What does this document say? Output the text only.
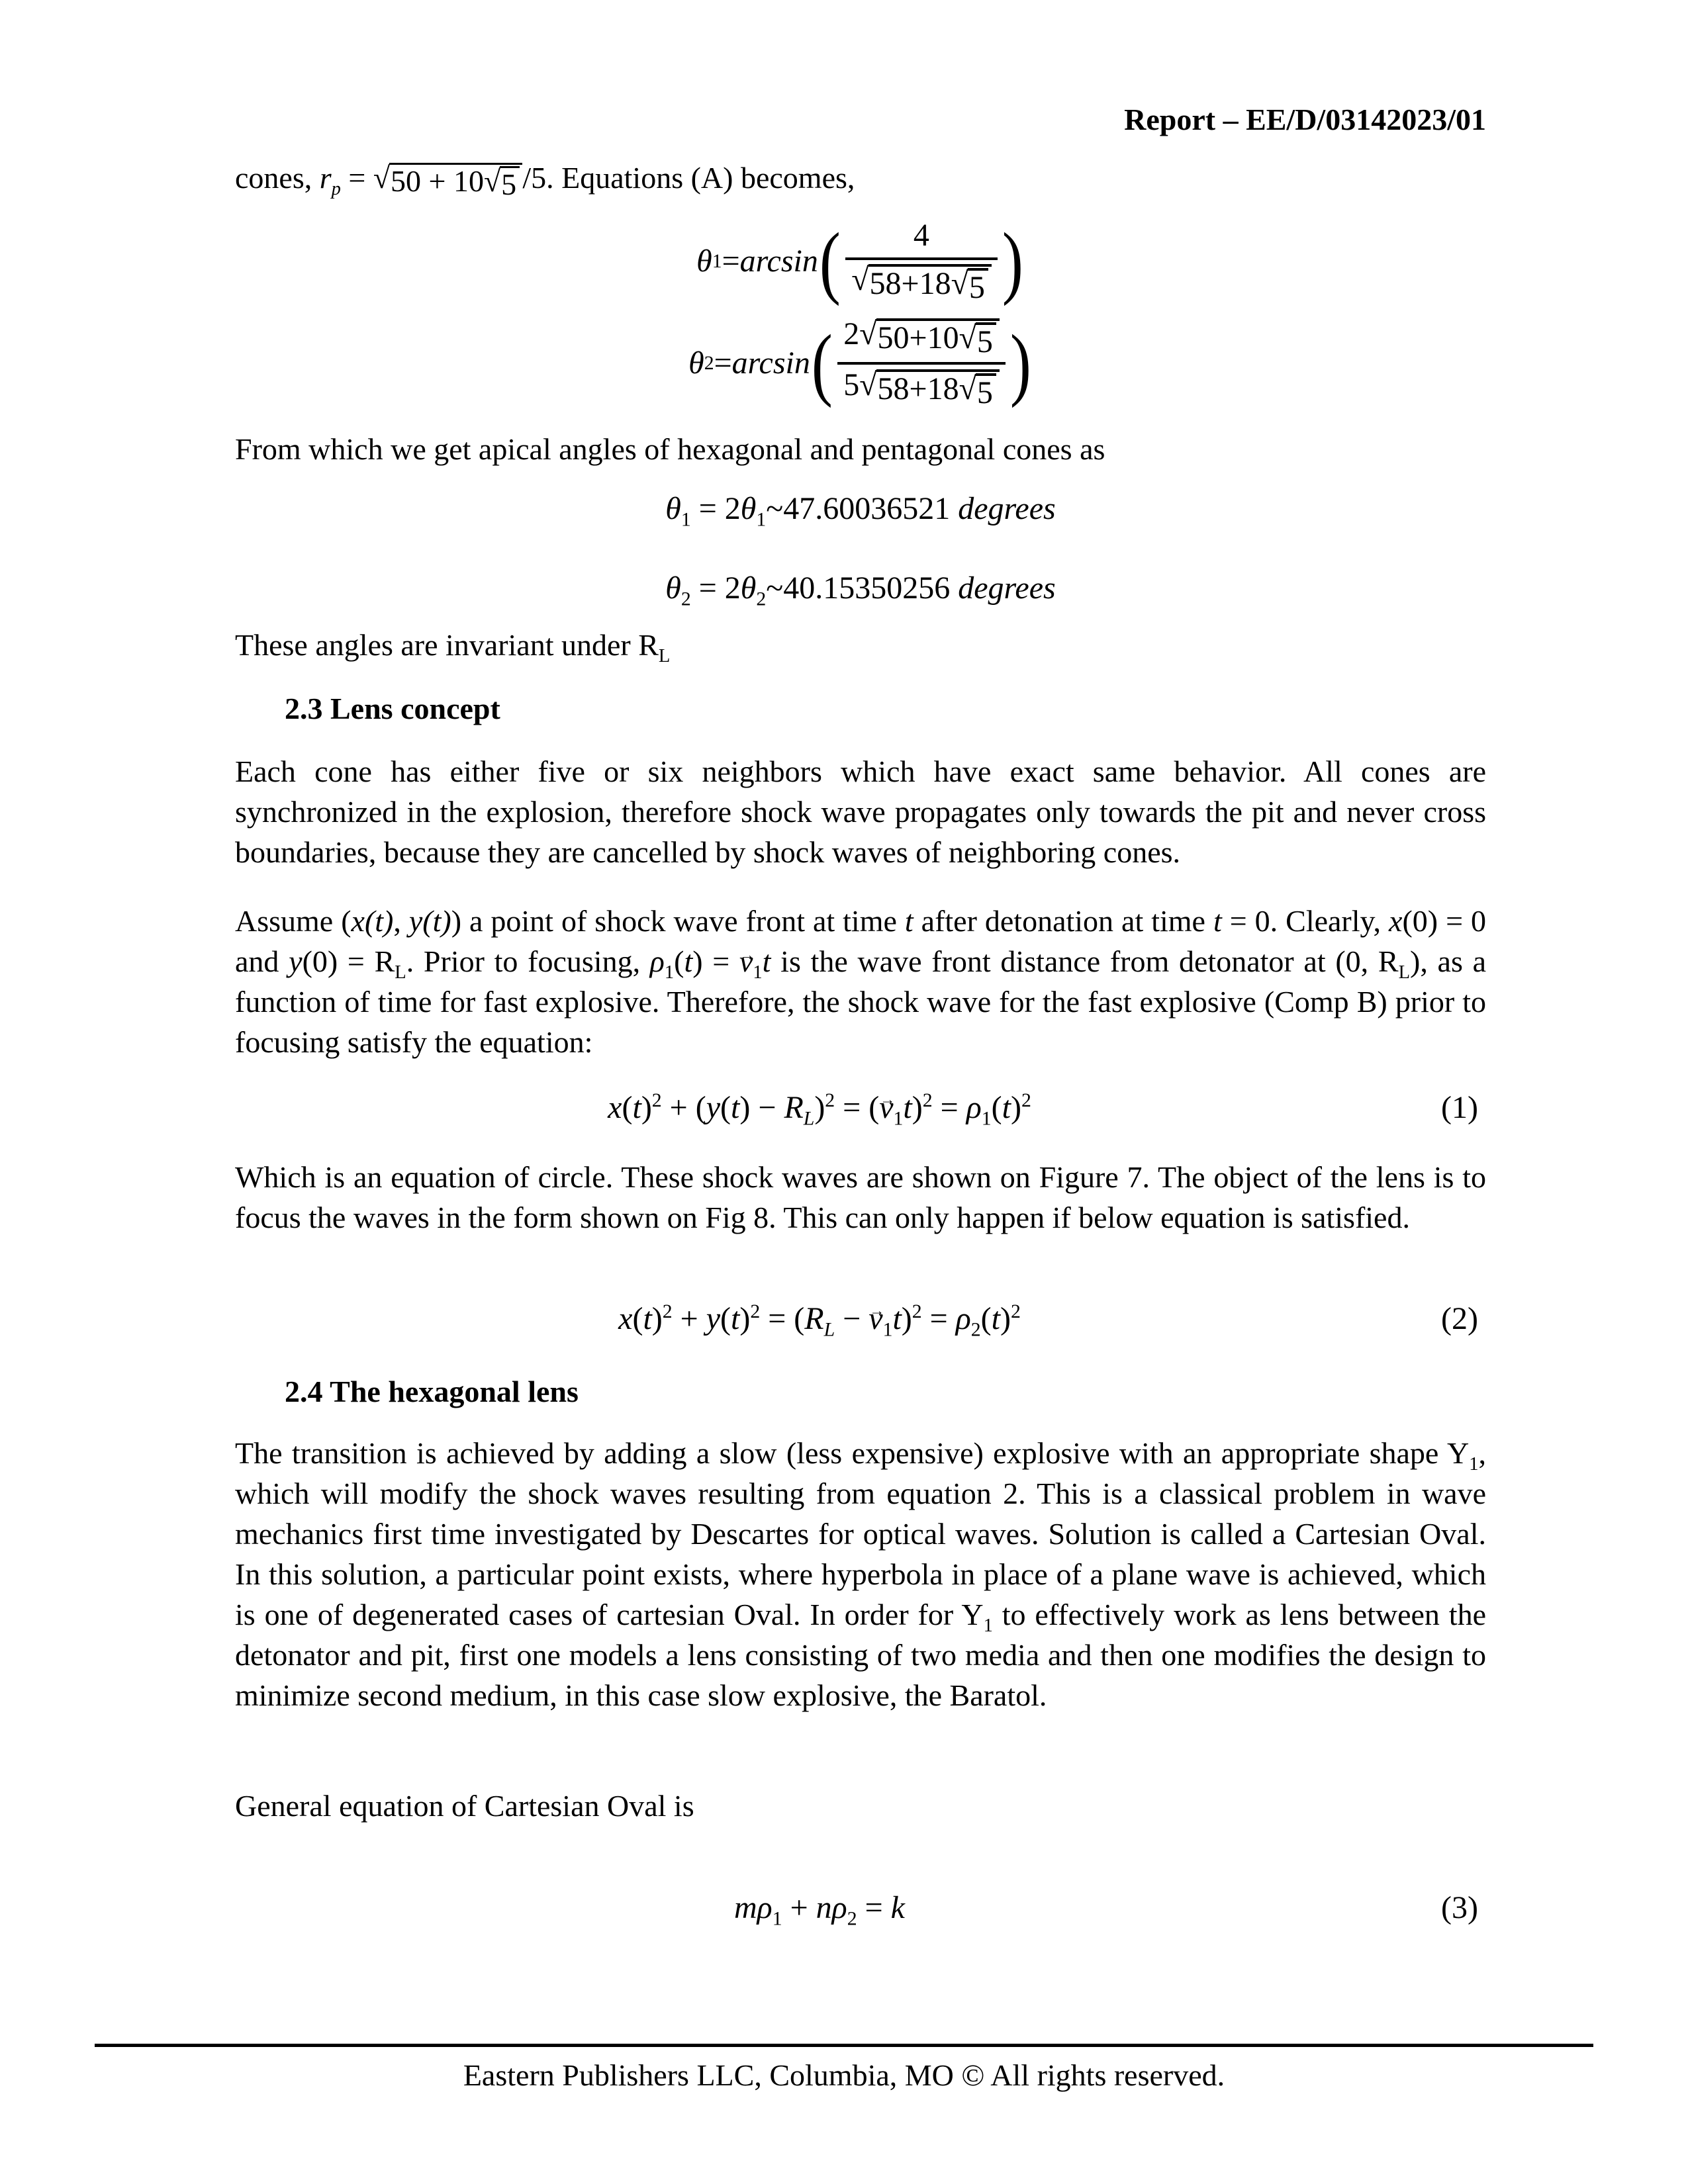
Report – EE/D/03142023/01
cones, $r_p$ = √ 50 + 10 √ 5 /5. Equations (A) becomes,
θ 1 = arcsin ( $\frac{4}{√ 58+18 √ 5}$ )
θ 2 = arcsin ( $\frac{2 √ 50+10 √ 5}{5 √ 58+18 √ 5}$ )
From which we get apical angles of hexagonal and pentagonal cones as
$\theta_1$ = $2\theta_1\sim 47.60036521$ degrees
$\theta_2$ = $2\theta_2\sim 40.15350256$ degrees
These angles are invariant under $R_L$
2.3 Lens concept
Each cone has either five or six neighbors which have exact same behavior. All cones are synchronized in the explosion, therefore shock wave propagates only towards the pit and never cross boundaries, because they are cancelled by shock waves of neighboring cones.
Assume (x(t), y(t)) a point of shock wave front at time t after detonation at time t = 0. Clearly, x(0) = 0 and $y(0) = R_L$. Prior to focusing, $\rho_1(t) = v \to_1t$ is the wave front distance from detonator at (0, $R_L$), as a function of time for fast explosive. Therefore, the shock wave for the fast explosive (Comp B) prior to focusing satisfy the equation:
$x(t)^2 + (y(t) - R_L)^2 = (v \to_1t)^2 = \rho_1(t)^2$	(1)
Which is an equation of circle. These shock waves are shown on Figure 7. The object of the lens is to focus the waves in the form shown on Fig 8. This can only happen if below equation is satisfied.
$x(t)^2 + y(t)^2 = (R_L - v \to_1t)^2 = \rho_2(t)^2$	(2)
2.4 The hexagonal lens
The transition is achieved by adding a slow (less expensive) explosive with an appropriate shape $Y_1$, which will modify the shock waves resulting from equation 2. This is a classical problem in wave mechanics first time investigated by Descartes for optical waves. Solution is called a Cartesian Oval. In this solution, a particular point exists, where hyperbola in place of a plane wave is achieved, which is one of degenerated cases of cartesian Oval. In order for $Y_1$ to effectively work as lens between the detonator and pit, first one models a lens consisting of two media and then one modifies the design to minimize second medium, in this case slow explosive, the Baratol.
General equation of Cartesian Oval is
$m\rho_1 + n\rho_2 = k$	(3)
Eastern Publishers LLC, Columbia, MO © All rights reserved.
